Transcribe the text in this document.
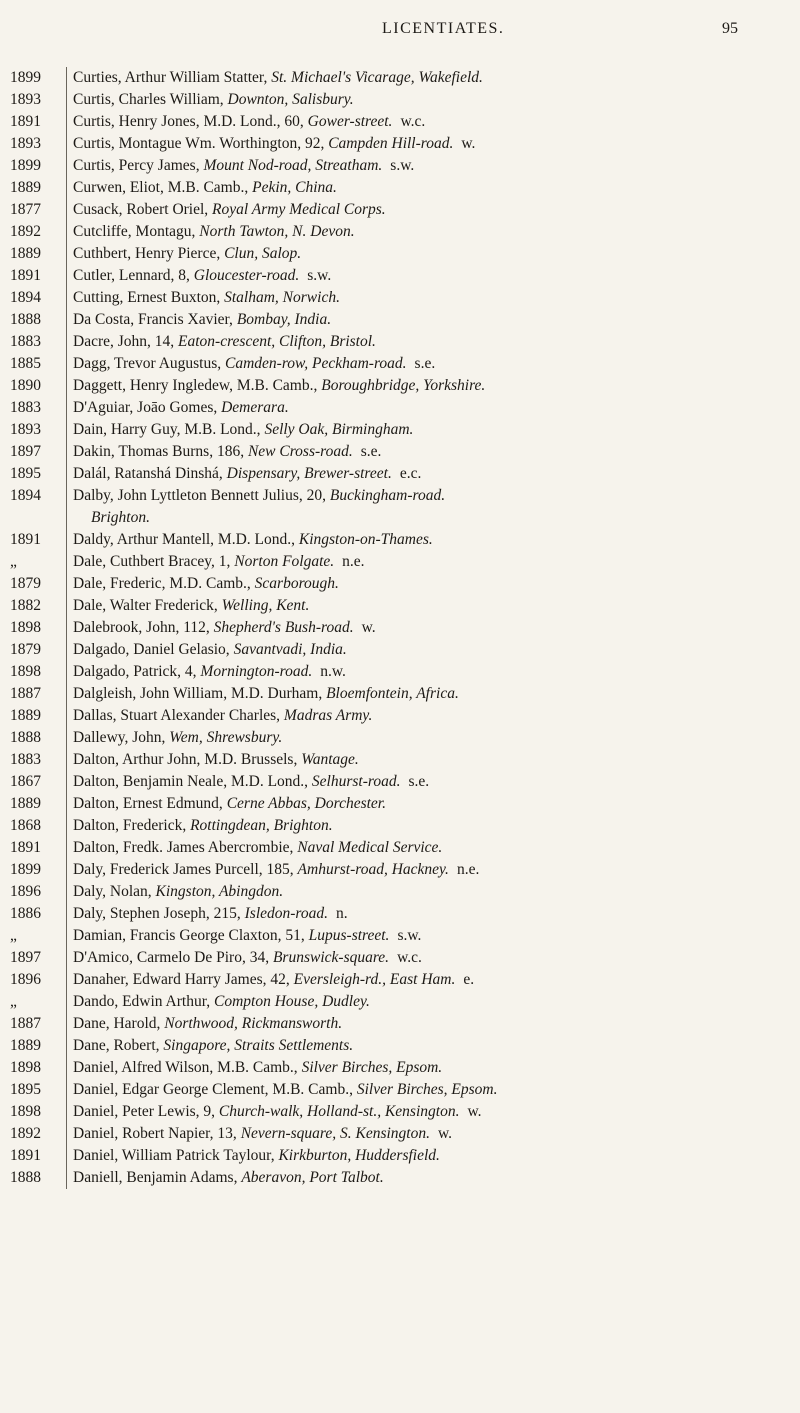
LICENTIATES.	95
1899
1893
1891
1893
1899
1889
1877
1892
1889
1891
1894
1888
1883
1885
1890
1883
1893
1897
1895
1894
1891
„
1879
1882
1898
1879
1898
1887
1889
1888
1883
1867
1889
1868
1891
1899
1896
1886
„
1897
1896
„
1887
1889
1898
1895
1898
1892
1891
1888
Curties, Arthur William Statter, St. Michael's Vicarage, Wakefield.
Curtis, Charles William, Downton, Salisbury.
Curtis, Henry Jones, M.D. Lond., 60, Gower-street. w.c.
Curtis, Montague Wm. Worthington, 92, Campden Hill-road. w.
Curtis, Percy James, Mount Nod-road, Streatham. s.w.
Curwen, Eliot, M.B. Camb., Pekin, China.
Cusack, Robert Oriel, Royal Army Medical Corps.
Cutcliffe, Montagu, North Tawton, N. Devon.
Cuthbert, Henry Pierce, Clun, Salop.
Cutler, Lennard, 8, Gloucester-road. s.w.
Cutting, Ernest Buxton, Stalham, Norwich.
Da Costa, Francis Xavier, Bombay, India.
Dacre, John, 14, Eaton-crescent, Clifton, Bristol.
Dagg, Trevor Augustus, Camden-row, Peckham-road. s.e.
Daggett, Henry Ingledew, M.B. Camb., Boroughbridge, Yorkshire.
D'Aguiar, Joāo Gomes, Demerara.
Dain, Harry Guy, M.B. Lond., Selly Oak, Birmingham.
Dakin, Thomas Burns, 186, New Cross-road. s.e.
Dalál, Ratanshá Dinshá, Dispensary, Brewer-street. e.c.
Dalby, John Lyttleton Bennett Julius, 20, Buckingham-road.
Brighton.
Daldy, Arthur Mantell, M.D. Lond., Kingston-on-Thames.
Dale, Cuthbert Bracey, 1, Norton Folgate. n.e.
Dale, Frederic, M.D. Camb., Scarborough.
Dale, Walter Frederick, Welling, Kent.
Dalebrook, John, 112, Shepherd's Bush-road. w.
Dalgado, Daniel Gelasio, Savantvadi, India.
Dalgado, Patrick, 4, Mornington-road. n.w.
Dalgleish, John William, M.D. Durham, Bloemfontein, Africa.
Dallas, Stuart Alexander Charles, Madras Army.
Dallewy, John, Wem, Shrewsbury.
Dalton, Arthur John, M.D. Brussels, Wantage.
Dalton, Benjamin Neale, M.D. Lond., Selhurst-road. s.e.
Dalton, Ernest Edmund, Cerne Abbas, Dorchester.
Dalton, Frederick, Rottingdean, Brighton.
Dalton, Fredk. James Abercrombie, Naval Medical Service.
Daly, Frederick James Purcell, 185, Amhurst-road, Hackney. n.e.
Daly, Nolan, Kingston, Abingdon.
Daly, Stephen Joseph, 215, Isledon-road. n.
Damian, Francis George Claxton, 51, Lupus-street. s.w.
D'Amico, Carmelo De Piro, 34, Brunswick-square. w.c.
Danaher, Edward Harry James, 42, Eversleigh-rd., East Ham. e.
Dando, Edwin Arthur, Compton House, Dudley.
Dane, Harold, Northwood, Rickmansworth.
Dane, Robert, Singapore, Straits Settlements.
Daniel, Alfred Wilson, M.B. Camb., Silver Birches, Epsom.
Daniel, Edgar George Clement, M.B. Camb., Silver Birches, Epsom.
Daniel, Peter Lewis, 9, Church-walk, Holland-st., Kensington. w.
Daniel, Robert Napier, 13, Nevern-square, S. Kensington. w.
Daniel, William Patrick Taylour, Kirkburton, Huddersfield.
Daniell, Benjamin Adams, Aberavon, Port Talbot.
